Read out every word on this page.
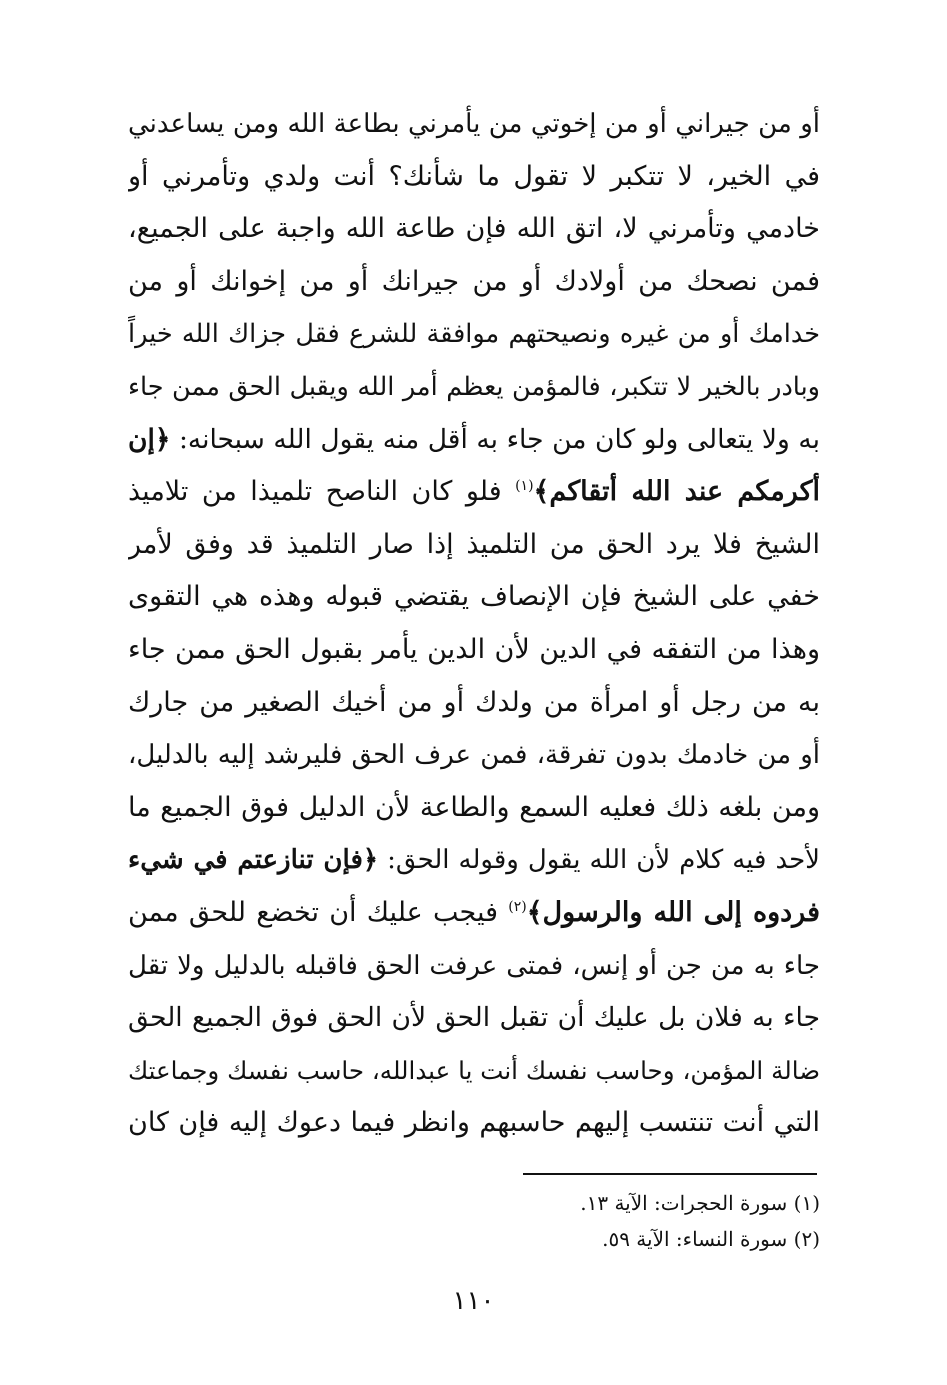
أو من جيراني أو من إخوتي من يأمرني بطاعة الله ومن يساعدني
في الخير، لا تتكبر لا تقول ما شأنك؟ أنت ولدي وتأمرني أو
خادمي وتأمرني لا، اتق الله فإن طاعة الله واجبة على الجميع،
فمن نصحك من أولادك أو من جيرانك أو من إخوانك أو من
خدامك أو من غيره ونصيحتهم موافقة للشرع فقل جزاك الله خيراً
وبادر بالخير لا تتكبر، فالمؤمن يعظم أمر الله ويقبل الحق ممن جاء
به ولا يتعالى ولو كان من جاء به أقل منه يقول الله سبحانه: ﴿إن
أكرمكم عند الله أتقاكم﴾$^{(١)}$ فلو كان الناصح تلميذا من تلاميذ
الشيخ فلا يرد الحق من التلميذ إذا صار التلميذ قد وفق لأمر
خفي على الشيخ فإن الإنصاف يقتضي قبوله وهذه هي التقوى
وهذا من التفقه في الدين لأن الدين يأمر بقبول الحق ممن جاء
به من رجل أو امرأة من ولدك أو من أخيك الصغير من جارك
أو من خادمك بدون تفرقة، فمن عرف الحق فليرشد إليه بالدليل،
ومن بلغه ذلك فعليه السمع والطاعة لأن الدليل فوق الجميع ما
لأحد فيه كلام لأن الله يقول وقوله الحق: ﴿فإن تنازعتم في شيء
فردوه إلى الله والرسول﴾$^{(٢)}$ فيجب عليك أن تخضع للحق ممن
جاء به من جن أو إنس، فمتى عرفت الحق فاقبله بالدليل ولا تقل
جاء به فلان بل عليك أن تقبل الحق لأن الحق فوق الجميع الحق
ضالة المؤمن، وحاسب نفسك أنت يا عبدالله، حاسب نفسك وجماعتك
التي أنت تنتسب إليهم حاسبهم وانظر فيما دعوك إليه فإن كان
(١) سورة الحجرات: الآية ١٣.
(٢) سورة النساء: الآية ٥٩.
١١٠
